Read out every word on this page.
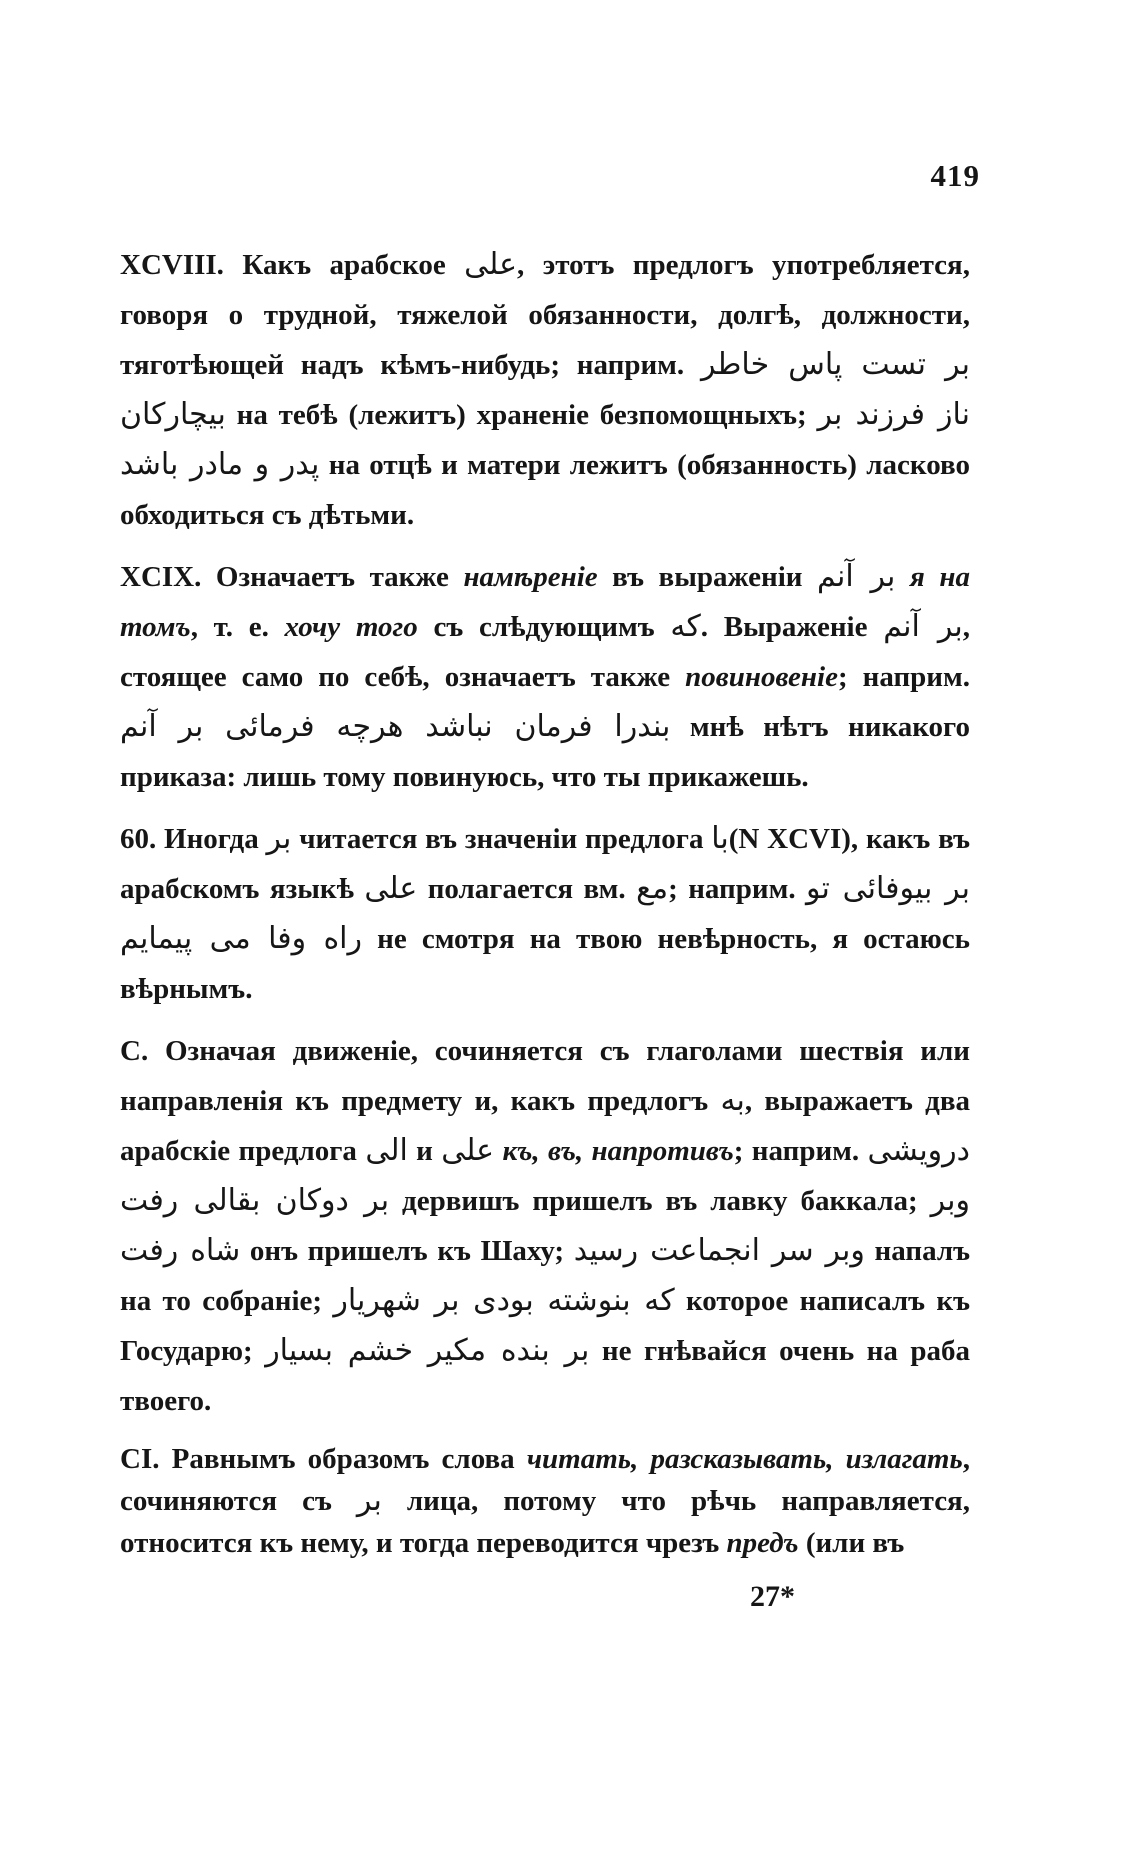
419

XCVIII. Какъ арабское علی, этотъ предлогъ употребляется, говоря о трудной, тяжелой обязанности, долгѣ, должности, тяготѣющей надъ кѣмъ-нибудь; наприм. بر تست پاس خاطر بیچارکان на тебѣ (лежитъ) храненіе безпомощныхъ; ناز فرزند بر پدر و مادر باشد на отцѣ и матери лежитъ (обязанность) ласково обходиться съ дѣтьми.

XCIX. Означаетъ также намѣреніе въ выраженіи بر آنم я на томъ, т. е. хочу того съ слѣдующимъ که. Выраженіе بر آنم, стоящее само по себѣ, означаетъ также повиновеніе; наприм. بندرا فرمان نباشد هرچه فرمائی بر آنم мнѣ нѣтъ никакого приказа: лишь тому повинуюсь, что ты прикажешь.

60. Иногда بر читается въ значеніи предлога با(N XCVI), какъ въ арабскомъ языкѣ علی полагается вм. مع; наприм. بر بیوفائی تو راه وفا می پیمایم не смотря на твою невѣрность, я остаюсь вѣрнымъ.

C. Означая движеніе, сочиняется съ глаголами шествія или направленія къ предмету и, какъ предлогъ به, выражаетъ два арабскіе предлога الی и علی къ, въ, напротивъ; наприм. درویشی بر دوکان بقالی رفت дервишъ пришелъ въ лавку баккала; وبر شاه رفت онъ пришелъ къ Шаху; وبر سر انجماعت رسید напалъ на то собраніе; که بنوشته بودی بر شهریار которое написалъ къ Государю; بر بنده مکیر خشم بسیار не гнѣвайся очень на раба твоего.

CI. Равнымъ образомъ слова читать, разсказывать, излагать, сочиняются съ بر лица, потому что рѣчь направляется, относится къ нему, и тогда переводится чрезъ предъ (или въ

27*
